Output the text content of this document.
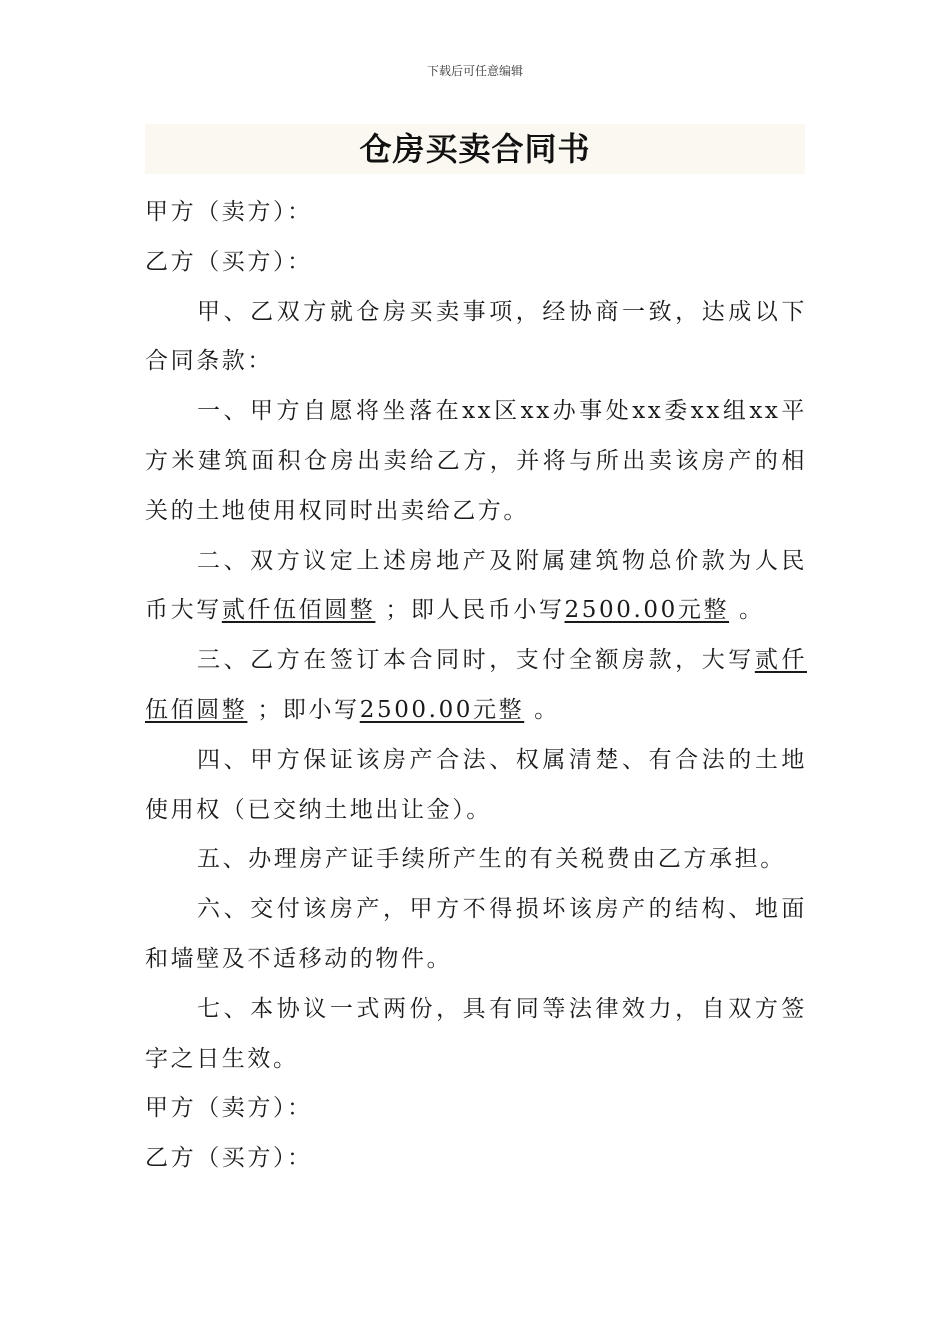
下载后可任意编辑
仓房买卖合同书

甲方（卖方）：

乙方（买方）：

甲、乙双方就仓房买卖事项，经协商一致，达成以下合同条款：

一、甲方自愿将坐落在xx区xx办事处xx委xx组xx平方米建筑面积仓房出卖给乙方，并将与所出卖该房产的相关的土地使用权同时出卖给乙方。

二、双方议定上述房地产及附属建筑物总价款为人民币大写贰仟伍佰圆整 ；即人民币小写2500.00元整 。

三、乙方在签订本合同时，支付全额房款，大写贰仟伍佰圆整 ；即小写2500.00元整 。

四、甲方保证该房产合法、权属清楚、有合法的土地使用权（已交纳土地出让金）。

五、办理房产证手续所产生的有关税费由乙方承担。

六、交付该房产，甲方不得损坏该房产的结构、地面和墙壁及不适移动的物件。

七、本协议一式两份，具有同等法律效力，自双方签字之日生效。

甲方（卖方）：

乙方（买方）：
